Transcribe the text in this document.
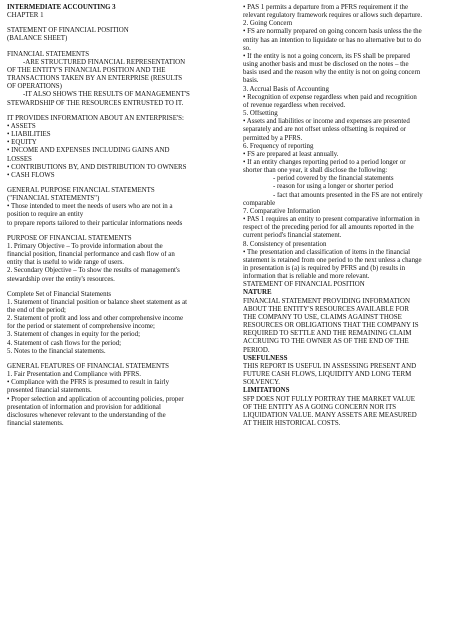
INTERMEDIATE ACCOUNTING 3
CHAPTER 1
STATEMENT OF FINANCIAL POSITION
(BALANCE SHEET)
FINANCIAL STATEMENTS
-ARE STRUCTURED FINANCIAL REPRESENTATION
OF THE ENTITY'S FINANCIAL POSITION AND THE
TRANSACTIONS TAKEN BY AN ENTERPRISE (RESULTS
OF OPERATIONS)
-IT ALSO SHOWS THE RESULTS OF MANAGEMENT'S
STEWARDSHIP OF THE RESOURCES ENTRUSTED TO IT.
IT PROVIDES INFORMATION ABOUT AN ENTERPRISE'S:
• ASSETS
• LIABILITIES
• EQUITY
• INCOME AND EXPENSES INCLUDING GAINS AND
LOSSES
• CONTRIBUTIONS BY, AND DISTRIBUTION TO OWNERS
• CASH FLOWS
GENERAL PURPOSE FINANCIAL STATEMENTS
("FINANCIAL STATEMENTS")
• Those intended to meet the needs of users who are not in a
position to require an entity
to prepare reports tailored to their particular informations needs
PURPOSE OF FINANCIAL STATEMENTS
1. Primary Objective – To provide information about the
financial position, financial performance and cash flow of an
entity that is useful to wide range of users.
2. Secondary Objective – To show the results of management's
stewardship over the entity's resources.
Complete Set of Financial Statements
1. Statement of financial position or balance sheet statement as at
the end of the period;
2. Statement of profit and loss and other comprehensive income
for the period or statement of comprehensive income;
3. Statement of changes in equity for the period;
4. Statement of cash flows for the period;
5. Notes to the financial statements.
GENERAL FEATURES OF FINANCIAL STATEMENTS
1. Fair Presentation and Compliance with PFRS.
• Compliance with the PFRS is presumed to result in fairly
presented financial statements.
• Proper selection and application of accounting policies, proper
presentation of information and provision for additional
disclosures whenever relevant to the understanding of the
financial statements.
• PAS 1 permits a departure from a PFRS requirement if the
relevant regulatory framework requires or allows such departure.
2. Going Concern
• FS are normally prepared on going concern basis unless the the
entity has an intention to liquidate or has no alternative but to do
so.
• If the entity is not a going concern, its FS shall be prepared
using another basis and must be disclosed on the notes – the
basis used and the reason why the entity is not on going concern
basis.
3. Accrual Basis of Accounting
• Recognition of expense regardless when paid and recognition
of revenue regardless when received.
5. Offsetting
• Assets and liabilities or income and expenses are presented
separately and are not offset unless offsetting is required or
permitted by a PFRS.
6. Frequency of reporting
• FS are prepared at least annually.
• If an entity changes reporting period to a period longer or
shorter than one year, it shall disclose the following:
- period covered by the financial statements
- reason for using a longer or shorter period
- fact that amounts presented in the FS are not entirely
comparable
7. Comparative Information
• PAS 1 requires an entity to present comparative information in
respect of the preceding period for all amounts reported in the
current period's financial statement.
8. Consistency of presentation
• The presentation and classification of items in the financial
statement is retained from one period to the next unless a change
in presentation is (a) is required by PFRS and (b) results in
information that is reliable and more relevant.
STATEMENT OF FINANCIAL POSITION
NATURE
FINANCIAL STATEMENT PROVIDING INFORMATION
ABOUT THE ENTITY'S RESOURCES AVAILABLE FOR
THE COMPANY TO USE, CLAIMS AGAINST THOSE
RESOURCES OR OBLIGATIONS THAT THE COMPANY IS
REQUIRED TO SETTLE AND THE REMAINING CLAIM
ACCRUING TO THE OWNER AS OF THE END OF THE
PERIOD.
USEFULNESS
THIS REPORT IS USEFUL IN ASSESSING PRESENT AND
FUTURE CASH FLOWS, LIQUIDITY AND LONG TERM
SOLVENCY.
LIMITATIONS
SFP DOES NOT FULLY PORTRAY THE MARKET VALUE
OF THE ENTITY AS A GOING CONCERN NOR ITS
LIQUIDATION VALUE. MANY ASSETS ARE MEASURED
AT THEIR HISTORICAL COSTS.
